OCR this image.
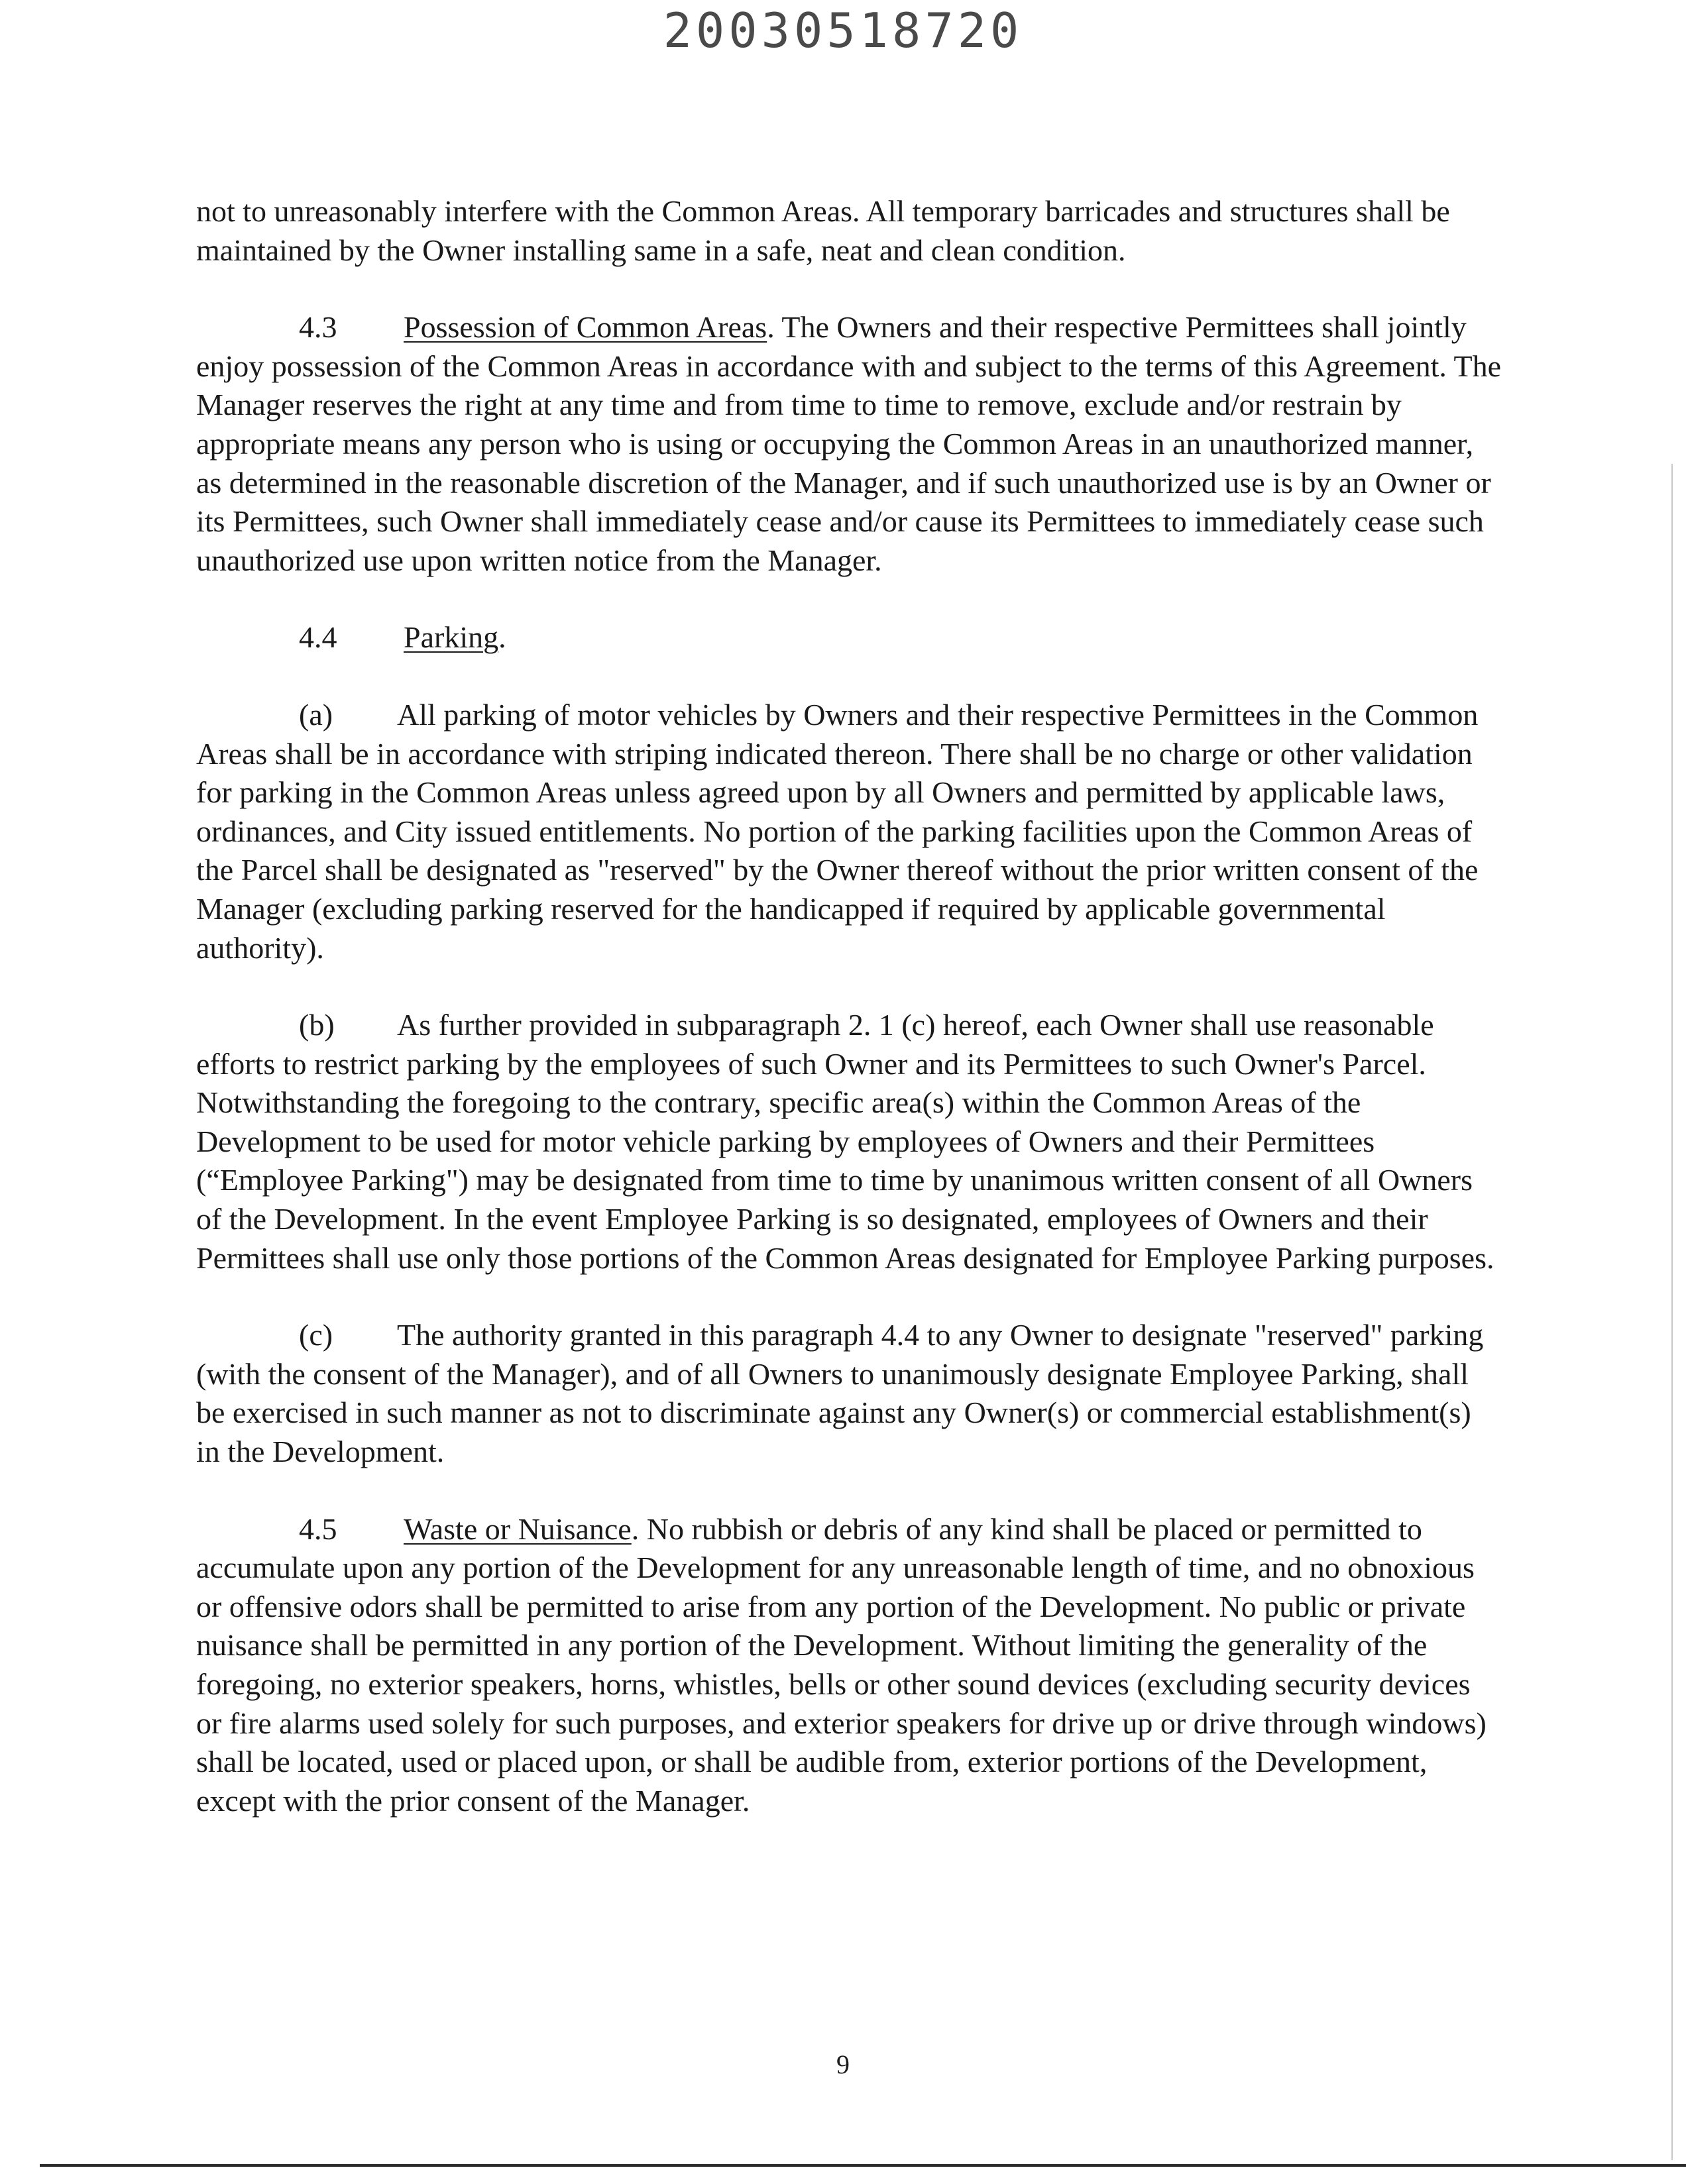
20030518720

not to unreasonably interfere with the Common Areas. All temporary barricades and structures shall be maintained by the Owner installing same in a safe, neat and clean condition.

4.3 Possession of Common Areas. The Owners and their respective Permittees shall jointly enjoy possession of the Common Areas in accordance with and subject to the terms of this Agreement. The Manager reserves the right at any time and from time to time to remove, exclude and/or restrain by appropriate means any person who is using or occupying the Common Areas in an unauthorized manner, as determined in the reasonable discretion of the Manager, and if such unauthorized use is by an Owner or its Permittees, such Owner shall immediately cease and/or cause its Permittees to immediately cease such unauthorized use upon written notice from the Manager.

4.4 Parking.

(a) All parking of motor vehicles by Owners and their respective Permittees in the Common Areas shall be in accordance with striping indicated thereon. There shall be no charge or other validation for parking in the Common Areas unless agreed upon by all Owners and permitted by applicable laws, ordinances, and City issued entitlements. No portion of the parking facilities upon the Common Areas of the Parcel shall be designated as "reserved" by the Owner thereof without the prior written consent of the Manager (excluding parking reserved for the handicapped if required by applicable governmental authority).

(b) As further provided in subparagraph 2. 1 (c) hereof, each Owner shall use reasonable efforts to restrict parking by the employees of such Owner and its Permittees to such Owner's Parcel. Notwithstanding the foregoing to the contrary, specific area(s) within the Common Areas of the Development to be used for motor vehicle parking by employees of Owners and their Permittees (“Employee Parking") may be designated from time to time by unanimous written consent of all Owners of the Development. In the event Employee Parking is so designated, employees of Owners and their Permittees shall use only those portions of the Common Areas designated for Employee Parking purposes.

(c) The authority granted in this paragraph 4.4 to any Owner to designate "reserved" parking (with the consent of the Manager), and of all Owners to unanimously designate Employee Parking, shall be exercised in such manner as not to discriminate against any Owner(s) or commercial establishment(s) in the Development.

4.5 Waste or Nuisance. No rubbish or debris of any kind shall be placed or permitted to accumulate upon any portion of the Development for any unreasonable length of time, and no obnoxious or offensive odors shall be permitted to arise from any portion of the Development. No public or private nuisance shall be permitted in any portion of the Development. Without limiting the generality of the foregoing, no exterior speakers, horns, whistles, bells or other sound devices (excluding security devices or fire alarms used solely for such purposes, and exterior speakers for drive up or drive through windows) shall be located, used or placed upon, or shall be audible from, exterior portions of the Development, except with the prior consent of the Manager.

9
